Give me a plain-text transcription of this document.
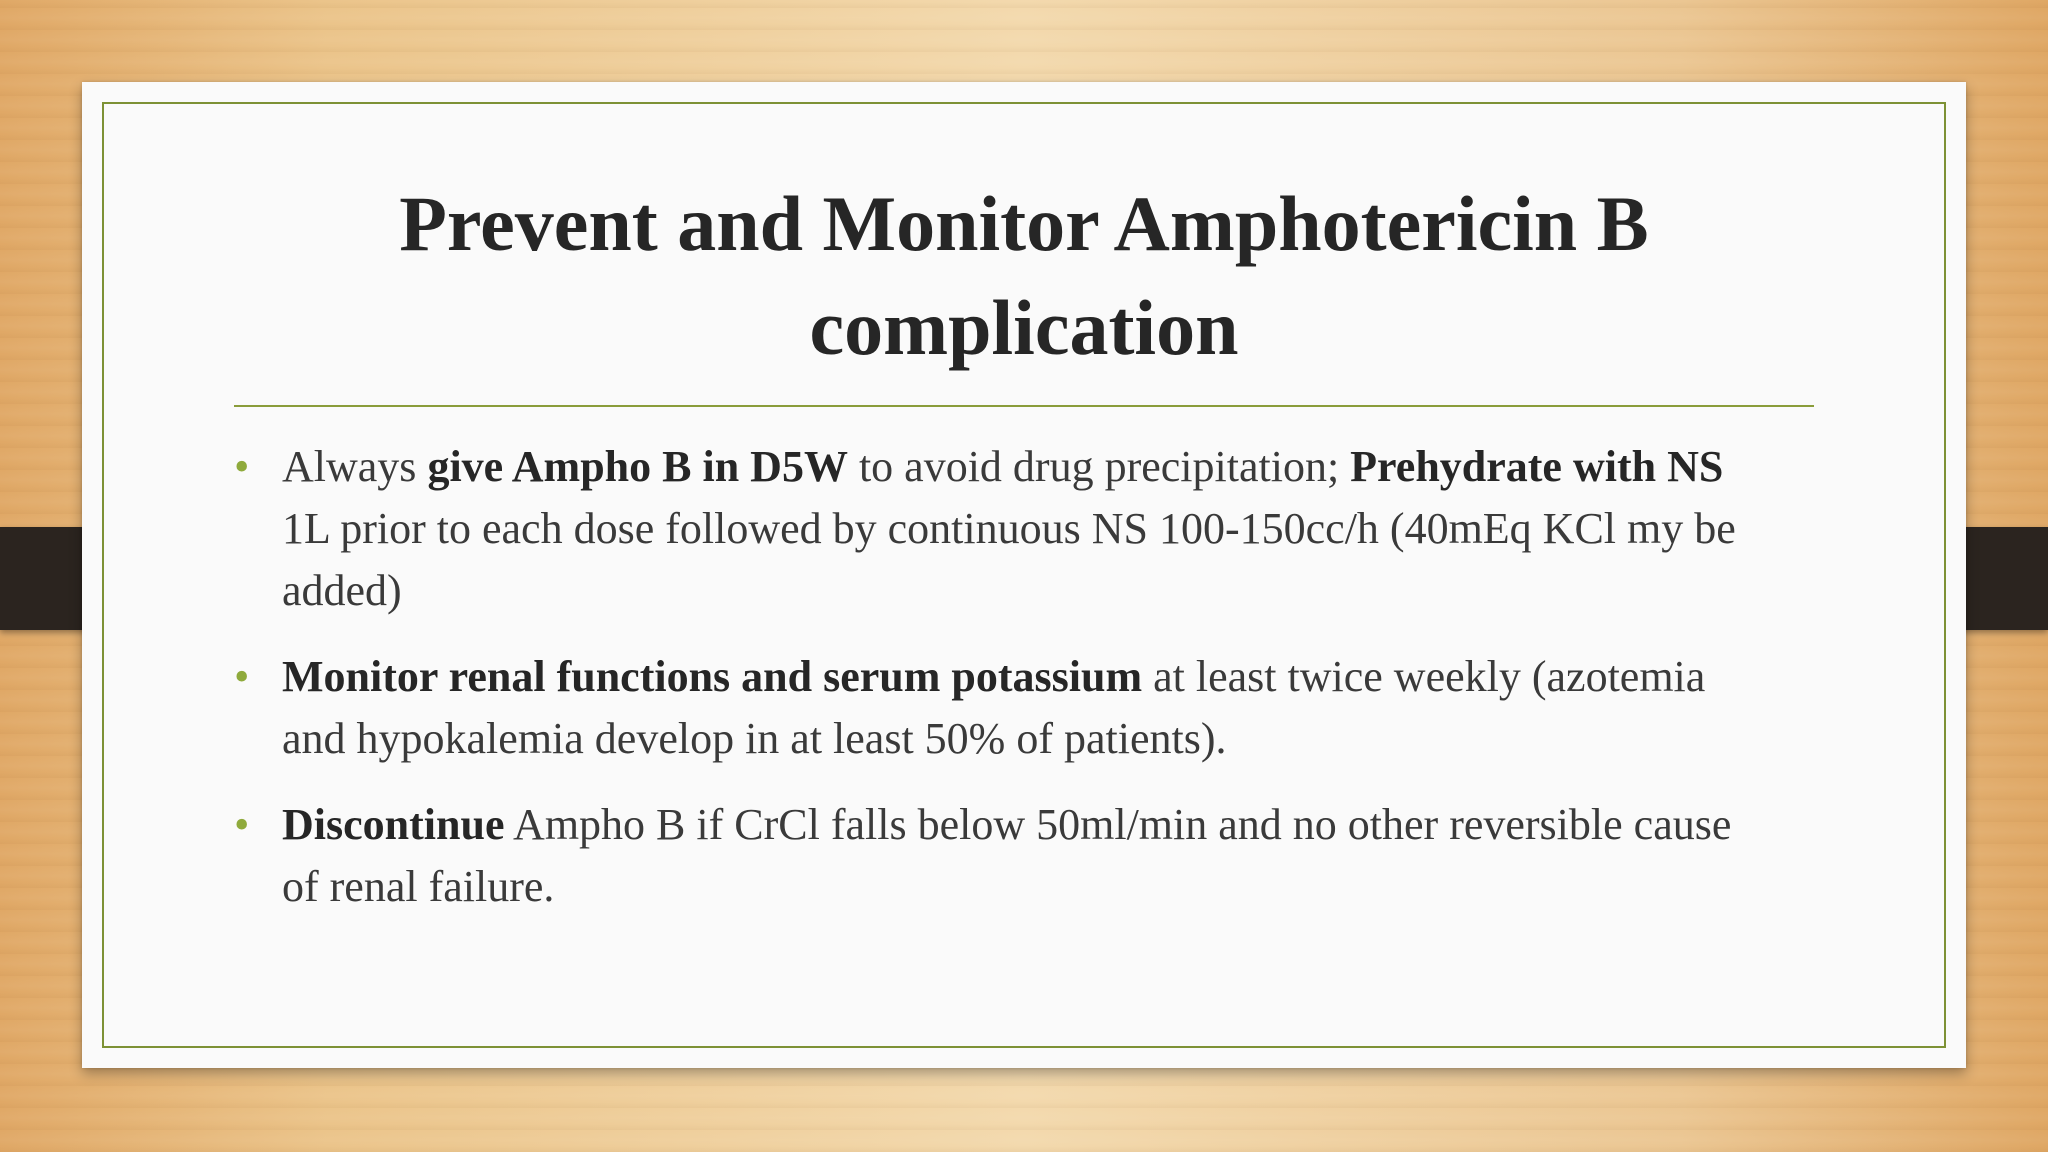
Prevent and Monitor Amphotericin B complication
• Always give Ampho B in D5W to avoid drug precipitation; Prehydrate with NS 1L prior to each dose followed by continuous NS 100-150cc/h (40mEq KCl my be added)
• Monitor renal functions and serum potassium at least twice weekly (azotemia and hypokalemia develop in at least 50% of patients).
• Discontinue Ampho B if CrCl falls below 50ml/min and no other reversible cause of renal failure.
